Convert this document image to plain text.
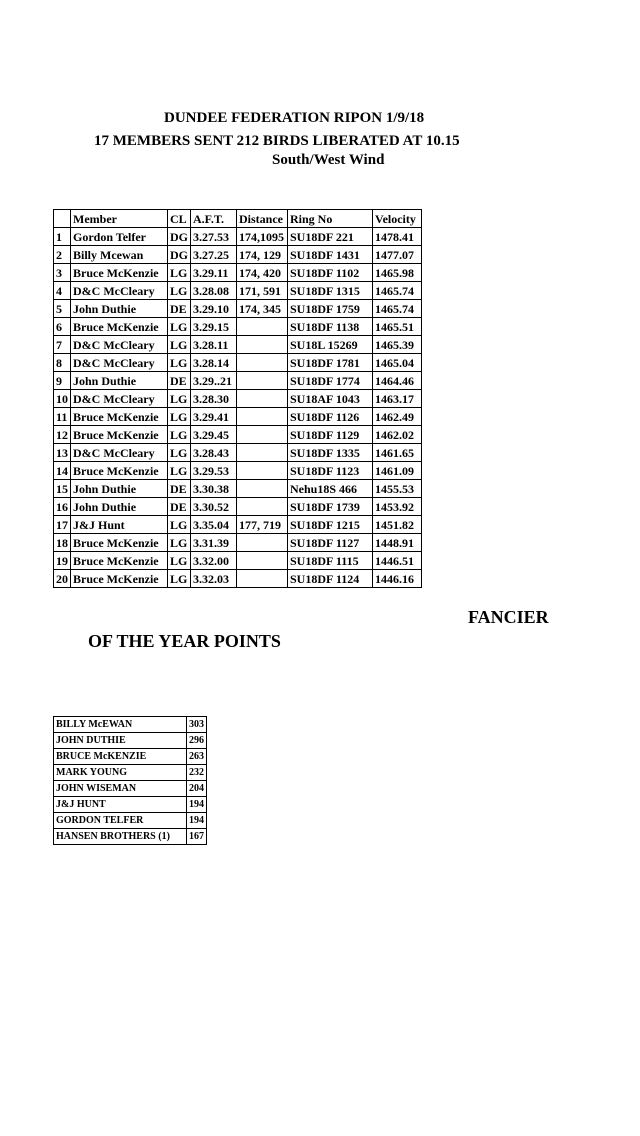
DUNDEE FEDERATION RIPON 1/9/18
17 MEMBERS SENT 212 BIRDS LIBERATED AT 10.15
South/West Wind
	Member	CL	A.F.T.	Distance	Ring No	Velocity
1	Gordon Telfer	DG	3.27.53	174,1095	SU18DF 221	1478.41
2	Billy Mcewan	DG	3.27.25	174, 129	SU18DF 1431	1477.07
3	Bruce McKenzie	LG	3.29.11	174, 420	SU18DF 1102	1465.98
4	D&C McCleary	LG	3.28.08	171, 591	SU18DF 1315	1465.74
5	John Duthie	DE	3.29.10	174, 345	SU18DF 1759	1465.74
6	Bruce McKenzie	LG	3.29.15		SU18DF 1138	1465.51
7	D&C McCleary	LG	3.28.11		SU18L 15269	1465.39
8	D&C McCleary	LG	3.28.14		SU18DF 1781	1465.04
9	John Duthie	DE	3.29..21		SU18DF 1774	1464.46
10	D&C McCleary	LG	3.28.30		SU18AF 1043	1463.17
11	Bruce McKenzie	LG	3.29.41		SU18DF 1126	1462.49
12	Bruce McKenzie	LG	3.29.45		SU18DF 1129	1462.02
13	D&C McCleary	LG	3.28.43		SU18DF 1335	1461.65
14	Bruce McKenzie	LG	3.29.53		SU18DF 1123	1461.09
15	John Duthie	DE	3.30.38		Nehu18S 466	1455.53
16	John Duthie	DE	3.30.52		SU18DF 1739	1453.92
17	J&J Hunt	LG	3.35.04	177, 719	SU18DF 1215	1451.82
18	Bruce McKenzie	LG	3.31.39		SU18DF 1127	1448.91
19	Bruce McKenzie	LG	3.32.00		SU18DF 1115	1446.51
20	Bruce McKenzie	LG	3.32.03		SU18DF 1124	1446.16
FANCIER
OF THE YEAR POINTS
BILLY McEWAN	303
JOHN DUTHIE	296
BRUCE McKENZIE	263
MARK YOUNG	232
JOHN WISEMAN	204
J&J HUNT	194
GORDON TELFER	194
HANSEN BROTHERS (1)	167
